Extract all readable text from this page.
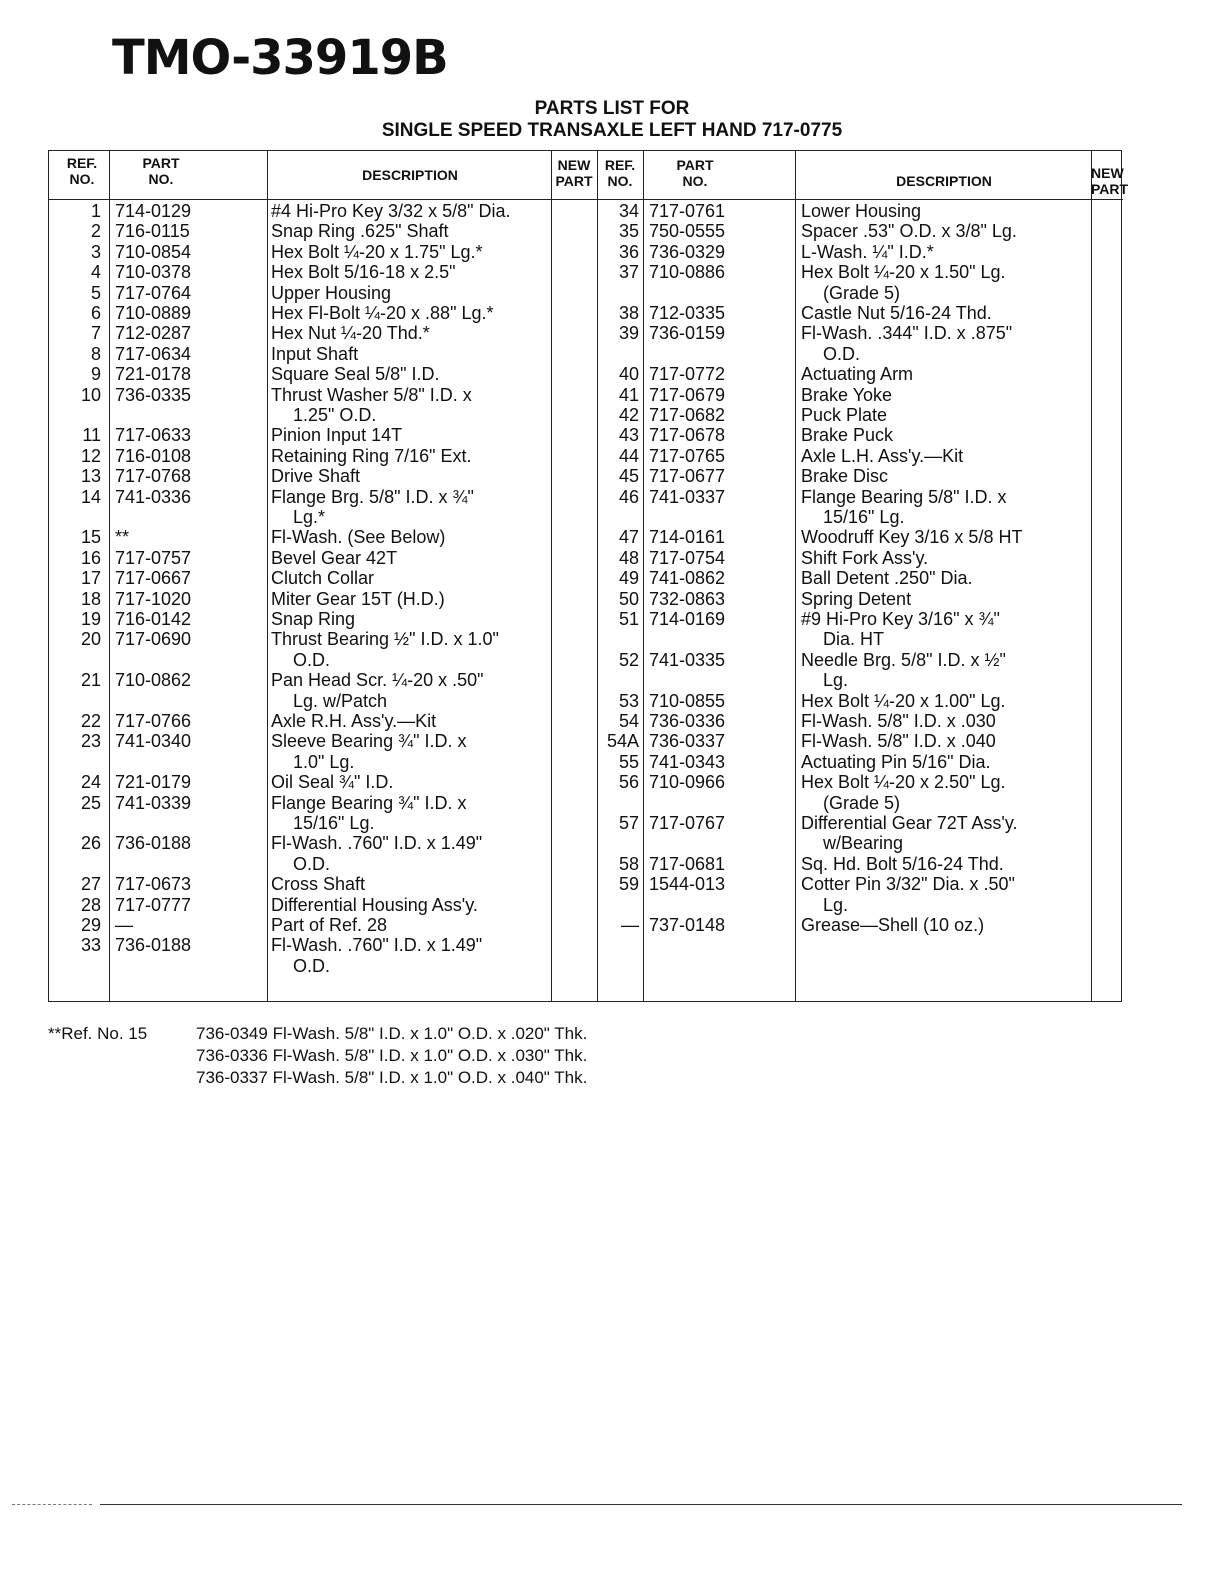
TMO-33919B
PARTS LIST FOR
SINGLE SPEED TRANSAXLE LEFT HAND 717-0775
REF.
NO.
PART
NO.	DESCRIPTION
NEW
PART
REF.
NO.
PART
NO.	DESCRIPTION	NEW
PART
1 714-0129	#4 Hi-Pro Key 3/32 x 5/8" Dia.
2 716-0115	Snap Ring .625" Shaft
3 710-0854	Hex Bolt ¼-20 x 1.75" Lg.*
4 710-0378	Hex Bolt 5/16-18 x 2.5"
5 717-0764	Upper Housing
6 710-0889	Hex Fl-Bolt ¼-20 x .88" Lg.*
7 712-0287	Hex Nut ¼-20 Thd.*
8 717-0634	Input Shaft
9 721-0178	Square Seal 5/8" I.D.
10 736-0335	Thrust Washer 5/8" I.D. x
1.25" O.D.
11 717-0633	Pinion Input 14T
12 716-0108	Retaining Ring 7/16" Ext.
13 717-0768	Drive Shaft
14 741-0336	Flange Brg. 5/8" I.D. x ¾"
Lg.*
15 **	Fl-Wash. (See Below)
16 717-0757	Bevel Gear 42T
17 717-0667	Clutch Collar
18 717-1020	Miter Gear 15T (H.D.)
19 716-0142	Snap Ring
20 717-0690	Thrust Bearing ½" I.D. x 1.0"
O.D.
21 710-0862	Pan Head Scr. ¼-20 x .50"
Lg. w/Patch
22 717-0766	Axle R.H. Ass'y.—Kit
23 741-0340	Sleeve Bearing ¾" I.D. x
1.0" Lg.
24 721-0179	Oil Seal ¾" I.D.
25 741-0339	Flange Bearing ¾" I.D. x
15/16" Lg.
26 736-0188	Fl-Wash. .760" I.D. x 1.49"
O.D.
27 717-0673	Cross Shaft
28 717-0777	Differential Housing Ass'y.
29 —	Part of Ref. 28
33 736-0188	Fl-Wash. .760" I.D. x 1.49"
O.D.
34 717-0761	Lower Housing
35 750-0555	Spacer .53" O.D. x 3/8" Lg.
36 736-0329	L-Wash. ¼" I.D.*
37 710-0886	Hex Bolt ¼-20 x 1.50" Lg.
(Grade 5)
38 712-0335	Castle Nut 5/16-24 Thd.
39 736-0159	Fl-Wash. .344" I.D. x .875"
O.D.
40 717-0772	Actuating Arm
41 717-0679	Brake Yoke
42 717-0682	Puck Plate
43 717-0678	Brake Puck
44 717-0765	Axle L.H. Ass'y.—Kit
45 717-0677	Brake Disc
46 741-0337	Flange Bearing 5/8" I.D. x
15/16" Lg.
47 714-0161	Woodruff Key 3/16 x 5/8 HT
48 717-0754	Shift Fork Ass'y.
49 741-0862	Ball Detent .250" Dia.
50 732-0863	Spring Detent
51 714-0169	#9 Hi-Pro Key 3/16" x ¾"
Dia. HT
52 741-0335	Needle Brg. 5/8" I.D. x ½"
Lg.
53 710-0855	Hex Bolt ¼-20 x 1.00" Lg.
54 736-0336	Fl-Wash. 5/8" I.D. x .030
54A 736-0337	Fl-Wash. 5/8" I.D. x .040
55 741-0343	Actuating Pin 5/16" Dia.
56 710-0966	Hex Bolt ¼-20 x 2.50" Lg.
(Grade 5)
57 717-0767	Differential Gear 72T Ass'y.
w/Bearing
58 717-0681	Sq. Hd. Bolt 5/16-24 Thd.
59 1544-013	Cotter Pin 3/32" Dia. x .50"
Lg.
— 737-0148	Grease—Shell (10 oz.)
**Ref. No. 15	736-0349 Fl-Wash. 5/8" I.D. x 1.0" O.D. x .020" Thk.
736-0336 Fl-Wash. 5/8" I.D. x 1.0" O.D. x .030" Thk.
736-0337 Fl-Wash. 5/8" I.D. x 1.0" O.D. x .040" Thk.
